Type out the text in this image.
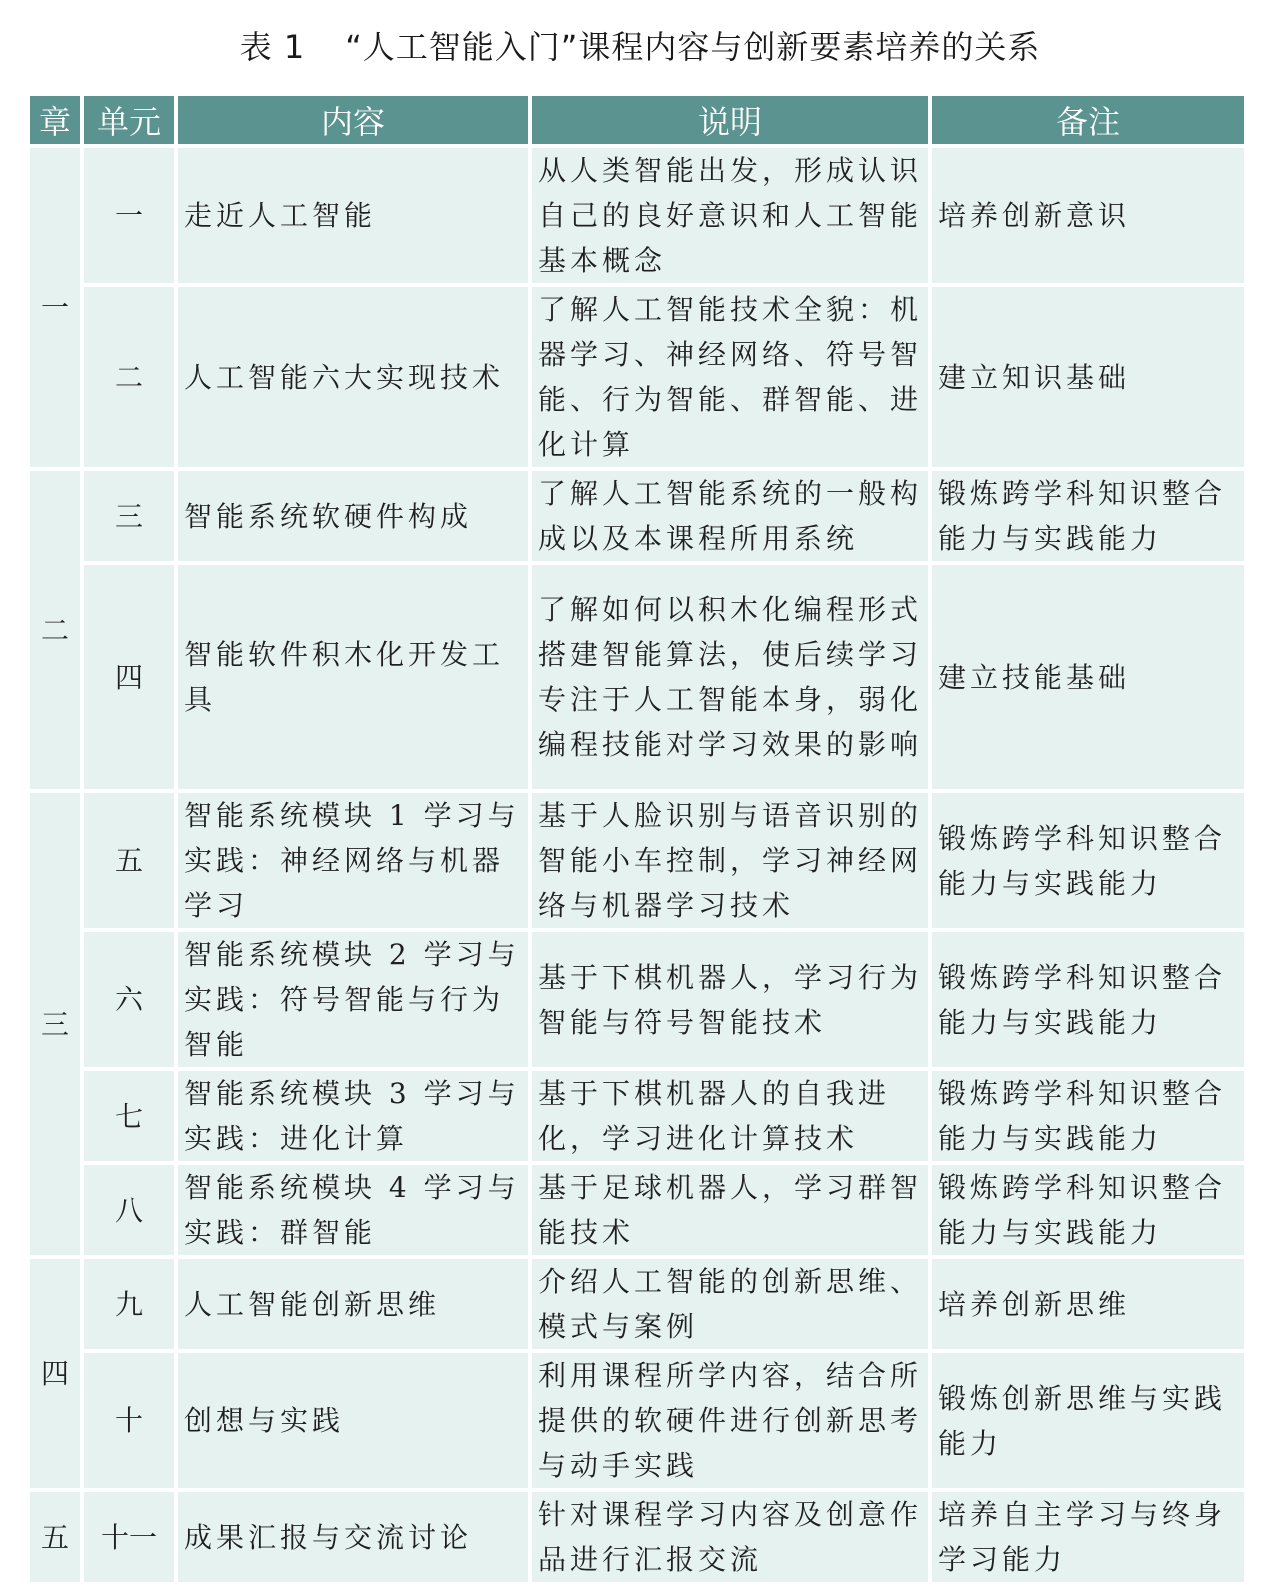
表 1 “人工智能入门”课程内容与创新要素培养的关系
章	单元	内容	说明	备注
一	一	走近人工智能	从人类智能出发，形成认识自己的良好意识和人工智能基本概念	培养创新意识
	二	人工智能六大实现技术	了解人工智能技术全貌：机器学习、神经网络、符号智能、行为智能、群智能、进化计算	建立知识基础
二	三	智能系统软硬件构成	了解人工智能系统的一般构成以及本课程所用系统	锻炼跨学科知识整合能力与实践能力
	四	智能软件积木化开发工具	了解如何以积木化编程形式搭建智能算法，使后续学习专注于人工智能本身，弱化编程技能对学习效果的影响	建立技能基础
三	五	智能系统模块 1 学习与实践：神经网络与机器学习	基于人脸识别与语音识别的智能小车控制，学习神经网络与机器学习技术	锻炼跨学科知识整合能力与实践能力
	六	智能系统模块 2 学习与实践：符号智能与行为智能	基于下棋机器人，学习行为智能与符号智能技术	锻炼跨学科知识整合能力与实践能力
	七	智能系统模块 3 学习与实践：进化计算	基于下棋机器人的自我进化，学习进化计算技术	锻炼跨学科知识整合能力与实践能力
	八	智能系统模块 4 学习与实践：群智能	基于足球机器人，学习群智能技术	锻炼跨学科知识整合能力与实践能力
四	九	人工智能创新思维	介绍人工智能的创新思维、模式与案例	培养创新思维
	十	创想与实践	利用课程所学内容，结合所提供的软硬件进行创新思考与动手实践	锻炼创新思维与实践能力
五	十一	成果汇报与交流讨论	针对课程学习内容及创意作品进行汇报交流	培养自主学习与终身学习能力
